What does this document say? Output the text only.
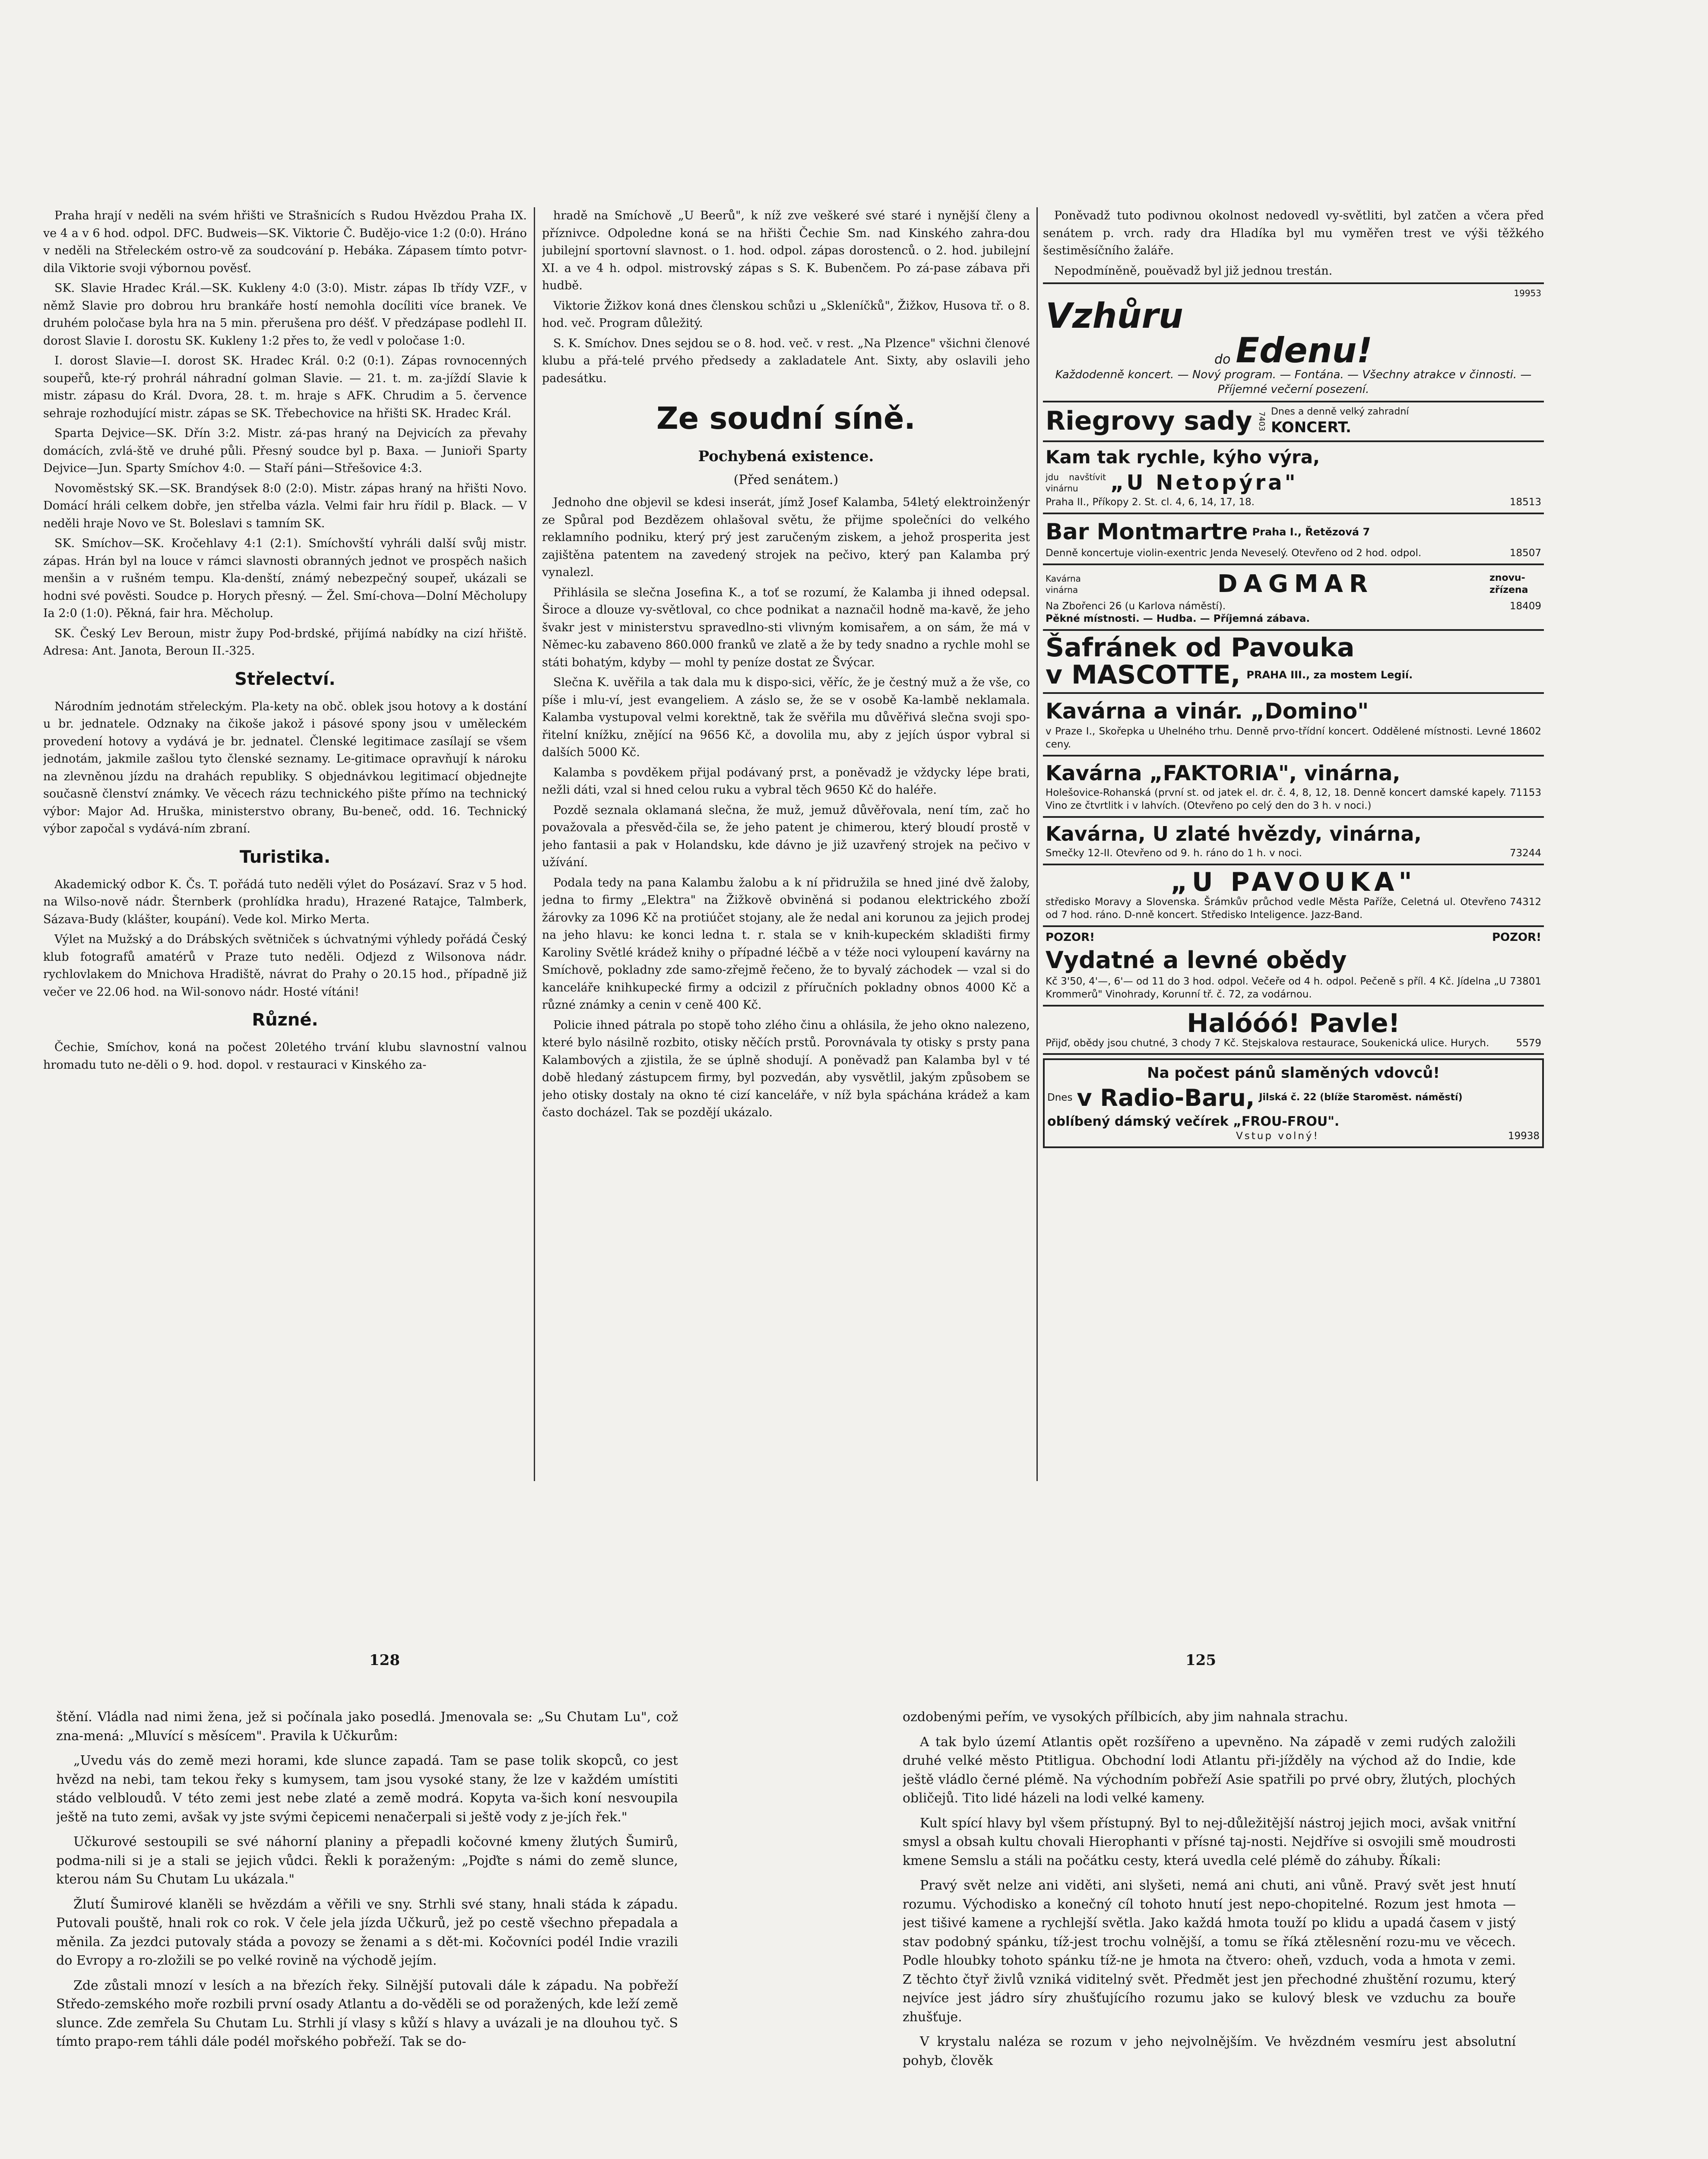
Praha hrají v neděli na svém hřišti ve Strašnicích s Rudou Hvězdou Praha IX. ve 4 a v 6 hod. odpol. DFC. Budweis—SK. Viktorie Č. Budějo-vice 1:2 (0:0). Hráno v neděli na Střeleckém ostro-vě za soudcování p. Hebáka. Zápasem tímto potvr-dila Viktorie svoji výbornou pověsť.

SK. Slavie Hradec Král.—SK. Kukleny 4:0 (3:0). Mistr. zápas Ib třídy VZF., v němž Slavie pro dobrou hru brankáře hostí nemohla docíliti více branek. Ve druhém poločase byla hra na 5 min. přerušena pro déšť. V předzápase podlehl II. dorost Slavie I. dorostu SK. Kukleny 1:2 přes to, že vedl v poločase 1:0.

I. dorost Slavie—I. dorost SK. Hradec Král. 0:2 (0:1). Zápas rovnocenných soupeřů, kte-rý prohrál náhradní golman Slavie. — 21. t. m. za-jíždí Slavie k mistr. zápasu do Král. Dvora, 28. t. m. hraje s AFK. Chrudim a 5. července sehraje rozhodující mistr. zápas se SK. Třebechovice na hřišti SK. Hradec Král.

Sparta Dejvice—SK. Dřín 3:2. Mistr. zá-pas hraný na Dejvicích za převahy domácích, zvlá-ště ve druhé půli. Přesný soudce byl p. Baxa. — Junioři Sparty Dejvice—Jun. Sparty Smíchov 4:0. — Staří páni—Střešovice 4:3.

Novoměstský SK.—SK. Brandýsek 8:0 (2:0). Mistr. zápas hraný na hřišti Novo. Domácí hráli celkem dobře, jen střelba vázla. Velmi fair hru řídil p. Black. — V neděli hraje Novo ve St. Boleslavi s tamním SK.

SK. Smíchov—SK. Kročehlavy 4:1 (2:1). Smíchovští vyhráli další svůj mistr. zápas. Hrán byl na louce v rámci slavnosti obranných jednot ve prospěch našich menšin a v rušném tempu. Kla-denští, známý nebezpečný soupeř, ukázali se hodni své pověsti. Soudce p. Horych přesný. — Žel. Smí-chova—Dolní Měcholupy Ia 2:0 (1:0). Pěkná, fair hra. Měcholup.

SK. Český Lev Beroun, mistr župy Pod-brdské, přijímá nabídky na cizí hřiště. Adresa: Ant. Janota, Beroun II.-325.

Střelectví.

Národním jednotám střeleckým. Pla-kety na obč. oblek jsou hotovy a k dostání u br. jednatele. Odznaky na čikoše jakož i pásové spony jsou v uměleckém provedení hotovy a vydává je br. jednatel. Členské legitimace zasílají se všem jednotám, jakmile zašlou tyto členské seznamy. Le-gitimace opravňují k nároku na zlevněnou jízdu na drahách republiky. S objednávkou legitimací objednejte současně členství známky. Ve věcech rázu technického pište přímo na technický výbor: Major Ad. Hruška, ministerstvo obrany, Bu-beneč, odd. 16. Technický výbor započal s vydává-ním zbraní.

Turistika.

Akademický odbor K. Čs. T. pořádá tuto neděli výlet do Posázaví. Sraz v 5 hod. na Wilso-nově nádr. Šternberk (prohlídka hradu), Hrazené Ratajce, Talmberk, Sázava-Budy (klášter, koupání). Vede kol. Mirko Merta.

Výlet na Mužský a do Drábských světniček s úchvatnými výhledy pořádá Český klub fotografů amatérů v Praze tuto neděli. Odjezd z Wilsonova nádr. rychlovlakem do Mnichova Hradiště, návrat do Prahy o 20.15 hod., případně již večer ve 22.06 hod. na Wil-sonovo nádr. Hosté vítáni!

Různé.

Čechie, Smíchov, koná na počest 20letého trvání klubu slavnostní valnou hromadu tuto ne-děli o 9. hod. dopol. v restauraci v Kinského za-

hradě na Smíchově „U Beerů", k níž zve veškeré své staré i nynější členy a příznivce. Odpoledne koná se na hřišti Čechie Sm. nad Kinského zahra-dou jubilejní sportovní slavnost. o 1. hod. odpol. zápas dorostenců. o 2. hod. jubilejní XI. a ve 4 h. odpol. mistrovský zápas s S. K. Bubenčem. Po zá-pase zábava při hudbě.

Viktorie Žižkov koná dnes členskou schůzi u „Skleníčků", Žižkov, Husova tř. o 8. hod. več. Program důležitý.

S. K. Smíchov. Dnes sejdou se o 8. hod. več. v rest. „Na Plzence" všichni členové klubu a přá-telé prvého předsedy a zakladatele Ant. Sixty, aby oslavili jeho padesátku.

Ze soudní síně.
Pochybená existence.
(Před senátem.)

Jednoho dne objevil se kdesi inserát, jímž Josef Kalamba, 54letý elektroinženýr ze Spůral pod Bezdězem ohlašoval světu, že přijme společníci do velkého reklamního podniku, který prý jest zaručeným ziskem, a jehož prosperita jest zajištěna patentem na zavedený strojek na pečivo, který pan Kalamba prý vynalezl.

Přihlásila se slečna Josefina K., a toť se rozumí, že Kalamba ji ihned odepsal. Široce a dlouze vy-světloval, co chce podnikat a naznačil hodně ma-kavě, že jeho švakr jest v ministerstvu spravedlno-sti vlivným komisařem, a on sám, že má v Němec-ku zabaveno 860.000 franků ve zlatě a že by tedy snadno a rychle mohl se státi bohatým, kdyby — mohl ty peníze dostat ze Švýcar.

Slečna K. uvěřila a tak dala mu k dispo-sici, věříc, že je čestný muž a že vše, co píše i mlu-ví, jest evangeliem. A záslo se, že se v osobě Ka-lambě neklamala. Kalamba vystupoval velmi korektně, tak že svěřila mu důvěřivá slečna svoji spo-řitelní knížku, znějící na 9656 Kč, a dovolila mu, aby z jejích úspor vybral si dalších 5000 Kč.

Kalamba s povděkem přijal podávaný prst, a poněvadž je vždycky lépe brati, nežli dáti, vzal si hned celou ruku a vybral těch 9650 Kč do haléře.

Pozdě seznala oklamaná slečna, že muž, jemuž důvěřovala, není tím, zač ho považovala a přesvěd-čila se, že jeho patent je chimerou, který bloudí prostě v jeho fantasii a pak v Holandsku, kde dávno je již uzavřený strojek na pečivo v užívání.

Podala tedy na pana Kalambu žalobu a k ní přidružila se hned jiné dvě žaloby, jedna to firmy „Elektra" na Žižkově obviněná si podanou elektrického zboží žárovky za 1096 Kč na protiúčet stojany, ale že nedal ani korunou za jejich prodej na jeho hlavu: ke konci ledna t. r. stala se v knih-kupeckém skladišti firmy Karoliny Světlé krádež knihy o případné léčbě a v téže noci vyloupení kavárny na Smíchově, pokladny zde samo-zřejmě řečeno, že to byvalý záchodek — vzal si do kanceláře knihkupecké firmy a odcizil z příručních pokladny obnos 4000 Kč a různé známky a cenin v ceně 400 Kč.

Policie ihned pátrala po stopě toho zlého činu a ohlásila, že jeho okno nalezeno, které bylo násilně rozbito, otisky něčích prstů. Porovnávala ty otisky s prsty pana Kalambových a zjistila, že se úplně shodují. A poněvadž pan Kalamba byl v té době hledaný zástupcem firmy, byl pozvedán, aby vysvětlil, jakým způsobem se jeho otisky dostaly na okno té cizí kanceláře, v níž byla spáchána krádež a kam často docházel. Tak se pozdějí ukázalo.

Poněvadž tuto podivnou okolnost nedovedl vy-světliti, byl zatčen a včera před senátem p. vrch. rady dra Hladíka byl mu vyměřen trest ve výši těžkého šestiměsíčního žaláře.

Nepodmíněně, pouěvadž byl již jednou trestán.

19953
Vzhůru
do Edenu!
Každodenně koncert. — Nový program. — Fontána. — Všechny atrakce v činnosti. —
Příjemné večerní posezení.
Riegrovy sady 7403 Dnes a denně velký zahradní
KONCERT.
Kam tak rychle, kýho výra,
jdu navštívit vinárnu	„U Netopýra"
Praha II., Příkopy 2. St. cl. 4, 6, 14, 17, 18.	18513
Bar Montmartre Praha I., Řetězová 7
Denně koncertuje violin-exentric Jenda Neveselý. Otevřeno od 2 hod. odpol.	18507
Kavárna vinárna	DAGMAR	znovu-zřízena
Na Zbořenci 26 (u Karlova náměstí).	18409
Pěkné místnosti. — Hudba. — Příjemná zábava.
Šafránek od Pavouka
v MASCOTTE, PRAHA III., za mostem Legií.
Kavárna a vinár. „Domino"
v Praze I., Skořepka u Uhelného trhu. Denně prvo-třídní koncert. Oddělené místnosti. Levné ceny.
18602
Kavárna „FAKTORIA", vinárna,
Holešovice-Rohanská (první st. od jatek el. dr. č. 4, 8, 12, 18. Denně koncert damské kapely. Vino ze čtvrtlitk i v lahvích. (Otevřeno po celý den do 3 h. v noci.)
71153
Kavárna, U zlaté hvězdy, vinárna,
Smečky 12-II. Otevřeno od 9. h. ráno do 1 h. v noci.	73244
„U PAVOUKA"
středisko Moravy a Slovenska. Šrámkův průchod vedle Města Paříže, Celetná ul. Otevřeno od 7 hod. ráno. D-nně koncert. Středisko Inteligence. Jazz-Band.
74312
POZOR!	POZOR!
Vydatné a levné obědy
Kč 3'50, 4'—, 6'— od 11 do 3 hod. odpol. Večeře od 4 h. odpol. Pečeně s příl. 4 Kč. Jídelna „U Krommerů" Vinohrady, Korunní tř. č. 72, za vodárnou.
73801
Halóóó! Pavle!
Přijď, obědy jsou chutné, 3 chody 7 Kč. Stejskalova restaurace, Soukenická ulice. Hurych.	5579
Na počest pánů slaměných vdovců!
Dnes v Radio-Baru, Jilská č. 22 (blíže Staroměst. náměstí)
oblíbený dámský večírek „FROU-FROU".
Vstup volný!	19938
128	125

štění. Vládla nad nimi žena, jež si počínala jako posedlá. Jmenovala se: „Su Chutam Lu", což zna-mená: „Mluvící s měsícem". Pravila k Učkurům:

„Uvedu vás do země mezi horami, kde slunce zapadá. Tam se pase tolik skopců, co jest hvězd na nebi, tam tekou řeky s kumysem, tam jsou vysoké stany, že lze v každém umístiti stádo velbloudů. V této zemi jest nebe zlaté a země modrá. Kopyta va-šich koní nesvoupila ještě na tuto zemi, avšak vy jste svými čepicemi nenačerpali si ještě vody z je-jích řek."

Učkurové sestoupili se své náhorní planiny a přepadli kočovné kmeny žlutých Šumirů, podma-nili si je a stali se jejich vůdci. Řekli k poraženým: „Pojďte s námi do země slunce, kterou nám Su Chutam Lu ukázala."

Žlutí Šumirové klaněli se hvězdám a věřili ve sny. Strhli své stany, hnali stáda k západu. Putovali pouště, hnali rok co rok. V čele jela jízda Učkurů, jež po cestě všechno přepadala a měnila. Za jezdci putovaly stáda a povozy se ženami a s dět-mi. Kočovníci podél Indie vrazili do Evropy a ro-zložili se po velké rovině na východě jejím.

Zde zůstali mnozí v lesích a na březích řeky. Silnější putovali dále k západu. Na pobřeží Středo-zemského moře rozbili první osady Atlantu a do-věděli se od poražených, kde leží země slunce. Zde zemřela Su Chutam Lu. Strhli jí vlasy s kůží s hlavy a uvázali je na dlouhou tyč. S tímto prapo-rem táhli dále podél mořského pobřeží. Tak se do-

ozdobenými peřím, ve vysokých přílbicích, aby jim nahnala strachu.

A tak bylo území Atlantis opět rozšířeno a upevněno. Na západě v zemi rudých založili druhé velké město Ptitligua. Obchodní lodi Atlantu při-jížděly na východ až do Indie, kde ještě vládlo černé plémě. Na východním pobřeží Asie spatřili po prvé obry, žlutých, plochých obličejů. Tito lidé házeli na lodi velké kameny.

Kult spící hlavy byl všem přístupný. Byl to nej-důležitější nástroj jejich moci, avšak vnitřní smysl a obsah kultu chovali Hierophanti v přísné taj-nosti. Nejdříve si osvojili smě moudrosti kmene Semslu a stáli na počátku cesty, která uvedla celé plémě do záhuby. Říkali:

Pravý svět nelze ani viděti, ani slyšeti, nemá ani chuti, ani vůně. Pravý svět jest hnutí rozumu. Východisko a konečný cíl tohoto hnutí jest nepo-chopitelné. Rozum jest hmota — jest tišivé kamene a rychlejší světla. Jako každá hmota touží po klidu a upadá časem v jistý stav podobný spánku, tíž-jest trochu volnější, a tomu se říká ztělesnění rozu-mu ve věcech. Podle hloubky tohoto spánku tíž-ne je hmota na čtvero: oheň, vzduch, voda a hmota v zemi. Z těchto čtyř živlů vzniká viditelný svět. Předmět jest jen přechodné zhuštění rozumu, který nejvíce jest jádro síry zhušťujícího rozumu jako se kulový blesk ve vzduchu za bouře zhušťuje.

V krystalu naléza se rozum v jeho nejvolnějším. Ve hvězdném vesmíru jest absolutní pohyb, člověk
